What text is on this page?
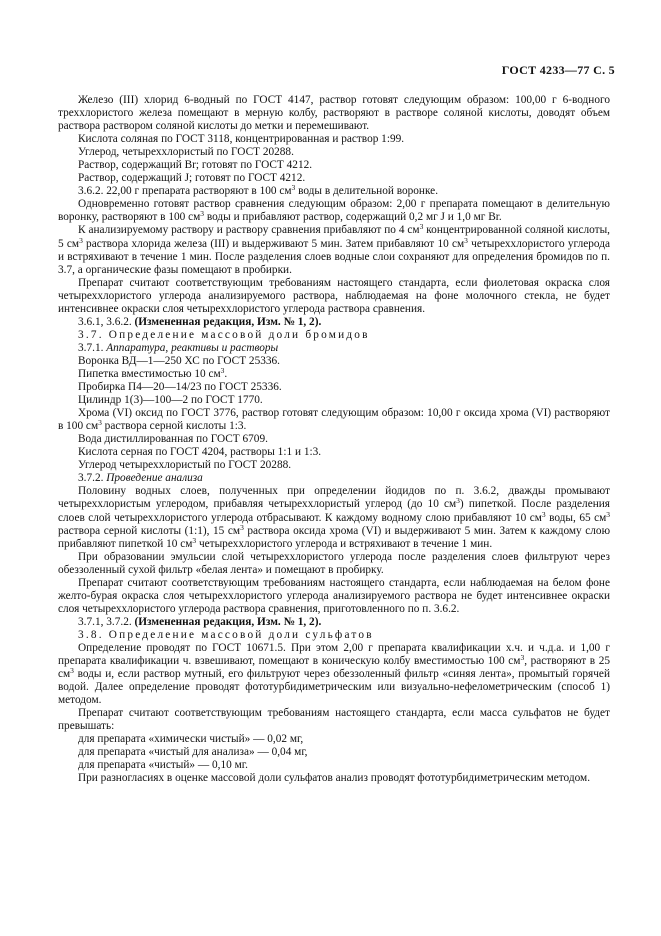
ГОСТ 4233—77 С. 5

Железо (III) хлорид 6-водный по ГОСТ 4147, раствор готовят следующим образом: 100,00 г 6-водного треххлористого железа помещают в мерную колбу, растворяют в растворе соляной кислоты, доводят объем раствора раствором соляной кислоты до метки и перемешивают.

Кислота соляная по ГОСТ 3118, концентрированная и раствор 1:99.

Углерод, четыреххлористый по ГОСТ 20288.

Раствор, содержащий Br; готовят по ГОСТ 4212.

Раствор, содержащий J; готовят по ГОСТ 4212.

3.6.2. 22,00 г препарата растворяют в 100 $см^3$ воды в делительной воронке.

Одновременно готовят раствор сравнения следующим образом: 2,00 г препарата помещают в делительную воронку, растворяют в 100 $см^3$ воды и прибавляют раствор, содержащий 0,2 мг J и 1,0 мг Br.

К анализируемому раствору и раствору сравнения прибавляют по 4 $см^3$ концентрированной соляной кислоты, 5 $см^3$ раствора хлорида железа (III) и выдерживают 5 мин. Затем прибавляют 10 $см^3$ четыреххлористого углерода и встряхивают в течение 1 мин. После разделения слоев водные слои сохраняют для определения бромидов по п. 3.7, а органические фазы помещают в пробирки.

Препарат считают соответствующим требованиям настоящего стандарта, если фиолетовая окраска слоя четыреххлористого углерода анализируемого раствора, наблюдаемая на фоне молочного стекла, не будет интенсивнее окраски слоя четыреххлористого углерода раствора сравнения.

3.6.1, 3.6.2. (Измененная редакция, Изм. № 1, 2).

3.7. Определение массовой доли бромидов

3.7.1. Аппаратура, реактивы и растворы

Воронка ВД—1—250 ХС по ГОСТ 25336.

Пипетка вместимостью 10 $см^3$.

Пробирка П4—20—14/23 по ГОСТ 25336.

Цилиндр 1(3)—100—2 по ГОСТ 1770.

Хрома (VI) оксид по ГОСТ 3776, раствор готовят следующим образом: 10,00 г оксида хрома (VI) растворяют в 100 $см^3$ раствора серной кислоты 1:3.

Вода дистиллированная по ГОСТ 6709.

Кислота серная по ГОСТ 4204, растворы 1:1 и 1:3.

Углерод четыреххлористый по ГОСТ 20288.

3.7.2. Проведение анализа

Половину водных слоев, полученных при определении йодидов по п. 3.6.2, дважды промывают четыреххлористым углеродом, прибавляя четыреххлористый углерод (до 10 $см^3$) пипеткой. После разделения слоев слой четыреххлористого углерода отбрасывают. К каждому водному слою прибавляют 10 $см^3$ воды, 65 $см^3$ раствора серной кислоты (1:1), 15 $см^3$ раствора оксида хрома (VI) и выдерживают 5 мин. Затем к каждому слою прибавляют пипеткой 10 $см^3$ четыреххлористого углерода и встряхивают в течение 1 мин.

При образовании эмульсии слой четыреххлористого углерода после разделения слоев фильтруют через обеззоленный сухой фильтр «белая лента» и помещают в пробирку.

Препарат считают соответствующим требованиям настоящего стандарта, если наблюдаемая на белом фоне желто-бурая окраска слоя четыреххлористого углерода анализируемого раствора не будет интенсивнее окраски слоя четыреххлористого углерода раствора сравнения, приготовленного по п. 3.6.2.

3.7.1, 3.7.2. (Измененная редакция, Изм. № 1, 2).

3.8. Определение массовой доли сульфатов

Определение проводят по ГОСТ 10671.5. При этом 2,00 г препарата квалификации х.ч. и ч.д.а. и 1,00 г препарата квалификации ч. взвешивают, помещают в коническую колбу вместимостью 100 $см^3$, растворяют в 25 $см^3$ воды и, если раствор мутный, его фильтруют через обеззоленный фильтр «синяя лента», промытый горячей водой. Далее определение проводят фототурбидиметрическим или визуально-нефелометрическим (способ 1) методом.

Препарат считают соответствующим требованиям настоящего стандарта, если масса сульфатов не будет превышать:

для препарата «химически чистый» — 0,02 мг,

для препарата «чистый для анализа» — 0,04 мг,

для препарата «чистый» — 0,10 мг.

При разногласиях в оценке массовой доли сульфатов анализ проводят фототурбидиметрическим методом.
